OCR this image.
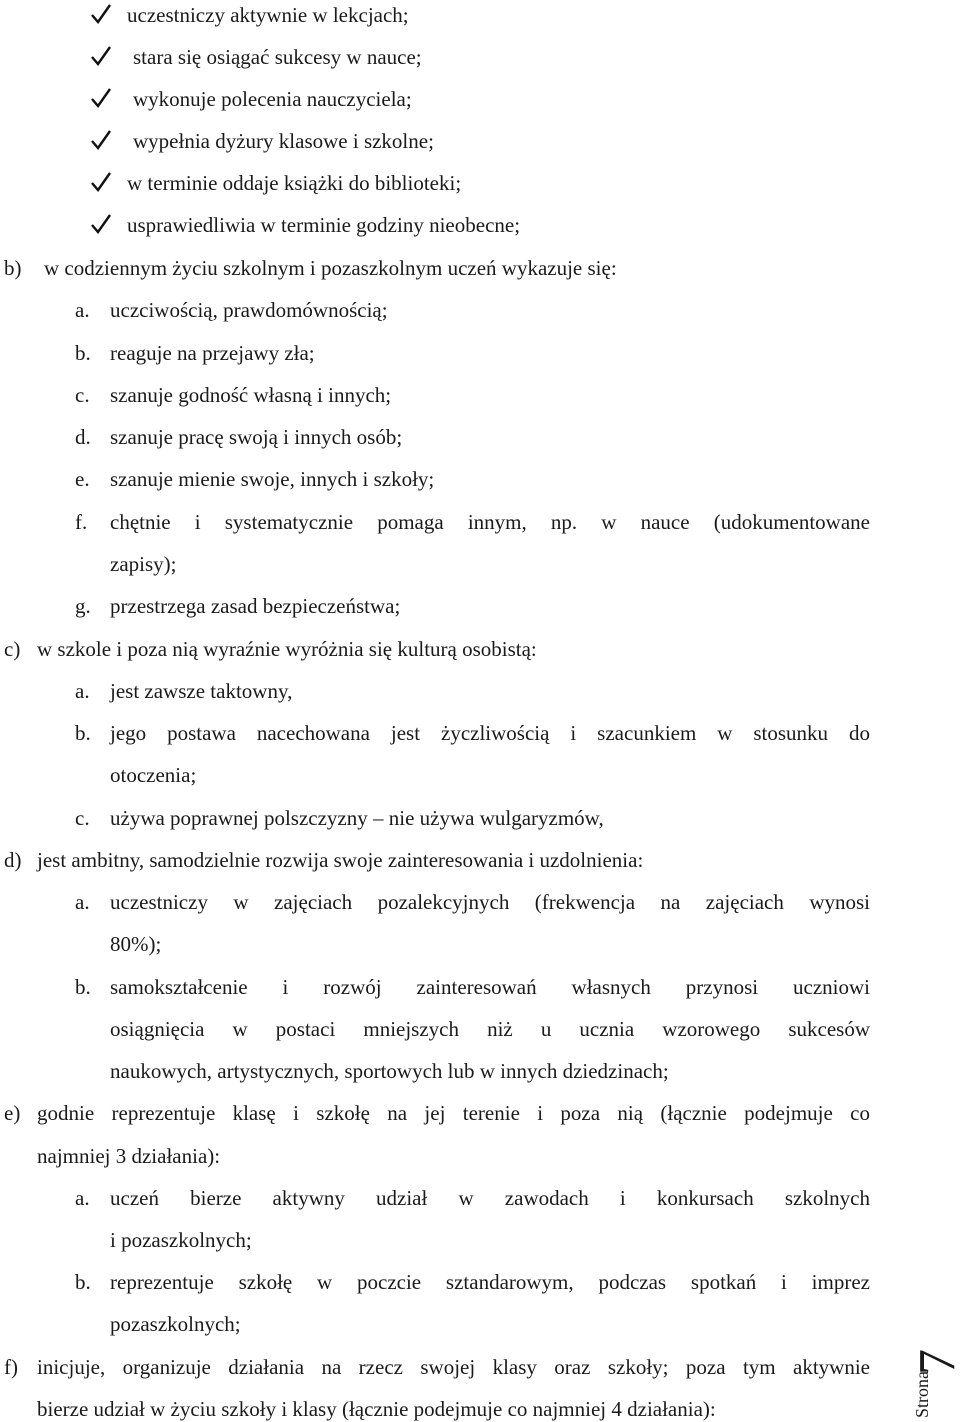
uczestniczy aktywnie w lekcjach;
stara się osiągać sukcesy w nauce;
wykonuje polecenia nauczyciela;
wypełnia dyżury klasowe i szkolne;
w terminie oddaje książki do biblioteki;
usprawiedliwia w terminie godziny nieobecne;
b) w codziennym życiu szkolnym i pozaszkolnym uczeń wykazuje się:
a. uczciwością, prawdomównością;
b. reaguje na przejawy zła;
c. szanuje godność własną i innych;
d. szanuje pracę swoją i innych osób;
e. szanuje mienie swoje, innych i szkoły;
f. chętnie i systematycznie pomaga innym, np. w nauce (udokumentowane
zapisy);
g. przestrzega zasad bezpieczeństwa;
c) w szkole i poza nią wyraźnie wyróżnia się kulturą osobistą:
a. jest zawsze taktowny,
b. jego postawa nacechowana jest życzliwością i szacunkiem w stosunku do
otoczenia;
c. używa poprawnej polszczyzny – nie używa wulgaryzmów,
d) jest ambitny, samodzielnie rozwija swoje zainteresowania i uzdolnienia:
a. uczestniczy w zajęciach pozalekcyjnych (frekwencja na zajęciach wynosi
80%);
b. samokształcenie i rozwój zainteresowań własnych przynosi uczniowi
osiągnięcia w postaci mniejszych niż u ucznia wzorowego sukcesów
naukowych, artystycznych, sportowych lub w innych dziedzinach;
e) godnie reprezentuje klasę i szkołę na jej terenie i poza nią (łącznie podejmuje co
najmniej 3 działania):
a. uczeń bierze aktywny udział w zawodach i konkursach szkolnych
i pozaszkolnych;
b. reprezentuje szkołę w poczcie sztandarowym, podczas spotkań i imprez
pozaszkolnych;
f) inicjuje, organizuje działania na rzecz swojej klasy oraz szkoły; poza tym aktywnie
bierze udział w życiu szkoły i klasy (łącznie podejmuje co najmniej 4 działania):	Strona
7
